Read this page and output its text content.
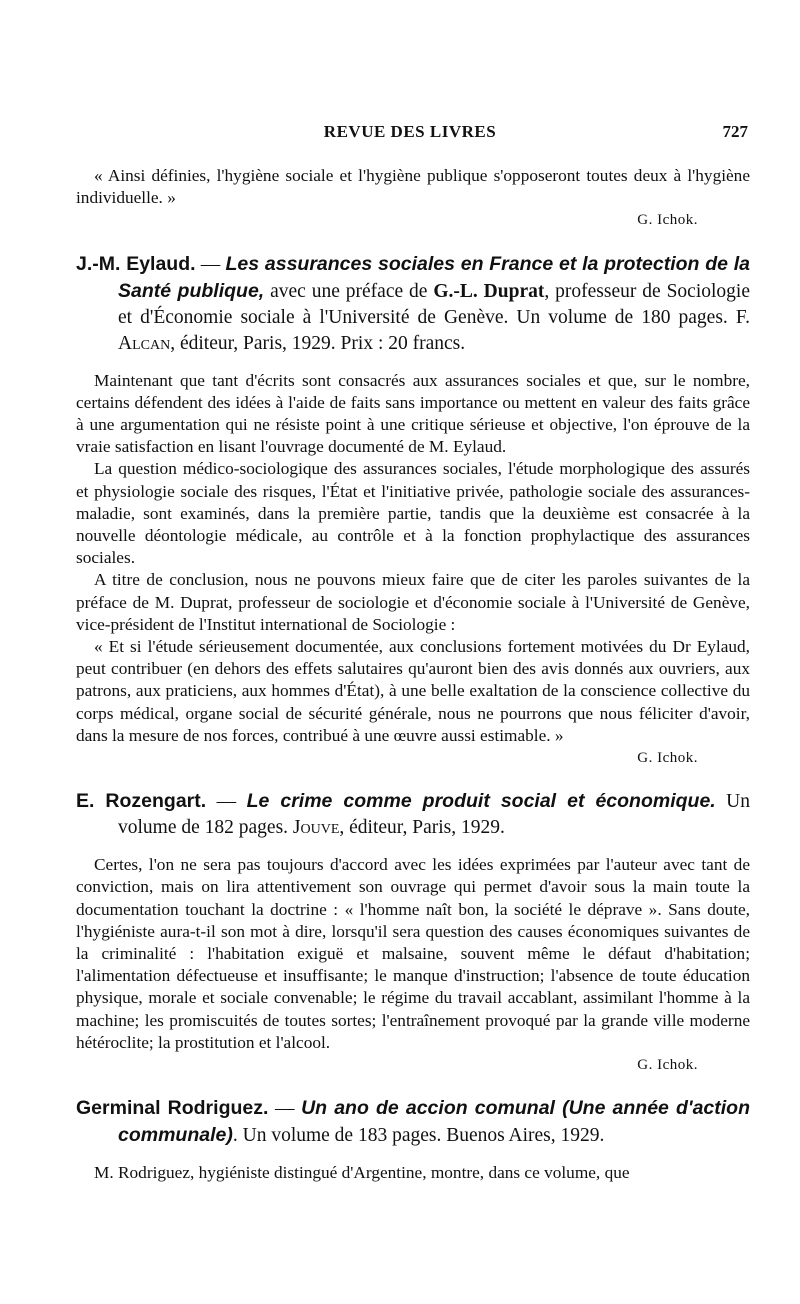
REVUE DES LIVRES	727

« Ainsi définies, l'hygiène sociale et l'hygiène publique s'opposeront toutes deux à l'hygiène individuelle. »

G. Ichok.

J.-M. Eylaud. — Les assurances sociales en France et la protection de la Santé publique, avec une préface de G.-L. Duprat, professeur de Sociologie et d'Économie sociale à l'Université de Genève. Un volume de 180 pages. F. Alcan, éditeur, Paris, 1929. Prix : 20 francs.

Maintenant que tant d'écrits sont consacrés aux assurances sociales et que, sur le nombre, certains défendent des idées à l'aide de faits sans importance ou mettent en valeur des faits grâce à une argumentation qui ne résiste point à une critique sérieuse et objective, l'on éprouve de la vraie satisfaction en lisant l'ouvrage documenté de M. Eylaud.

La question médico-sociologique des assurances sociales, l'étude morphologique des assurés et physiologie sociale des risques, l'État et l'initiative privée, pathologie sociale des assurances-maladie, sont examinés, dans la première partie, tandis que la deuxième est consacrée à la nouvelle déontologie médicale, au contrôle et à la fonction prophylactique des assurances sociales.

A titre de conclusion, nous ne pouvons mieux faire que de citer les paroles suivantes de la préface de M. Duprat, professeur de sociologie et d'économie sociale à l'Université de Genève, vice-président de l'Institut international de Sociologie :

« Et si l'étude sérieusement documentée, aux conclusions fortement motivées du Dr Eylaud, peut contribuer (en dehors des effets salutaires qu'auront bien des avis donnés aux ouvriers, aux patrons, aux praticiens, aux hommes d'État), à une belle exaltation de la conscience collective du corps médical, organe social de sécurité générale, nous ne pourrons que nous féliciter d'avoir, dans la mesure de nos forces, contribué à une œuvre aussi estimable. »

G. Ichok.

E. Rozengart. — Le crime comme produit social et économique. Un volume de 182 pages. Jouve, éditeur, Paris, 1929.

Certes, l'on ne sera pas toujours d'accord avec les idées exprimées par l'auteur avec tant de conviction, mais on lira attentivement son ouvrage qui permet d'avoir sous la main toute la documentation touchant la doctrine : « l'homme naît bon, la société le déprave ». Sans doute, l'hygiéniste aura-t-il son mot à dire, lorsqu'il sera question des causes économiques suivantes de la criminalité : l'habitation exiguë et malsaine, souvent même le défaut d'habitation; l'alimentation défectueuse et insuffisante; le manque d'instruction; l'absence de toute éducation physique, morale et sociale convenable; le régime du travail accablant, assimilant l'homme à la machine; les promiscuités de toutes sortes; l'entraînement provoqué par la grande ville moderne hétéroclite; la prostitution et l'alcool.

G. Ichok.

Germinal Rodriguez. — Un ano de accion comunal (Une année d'action communale). Un volume de 183 pages. Buenos Aires, 1929.

M. Rodriguez, hygiéniste distingué d'Argentine, montre, dans ce volume, que
